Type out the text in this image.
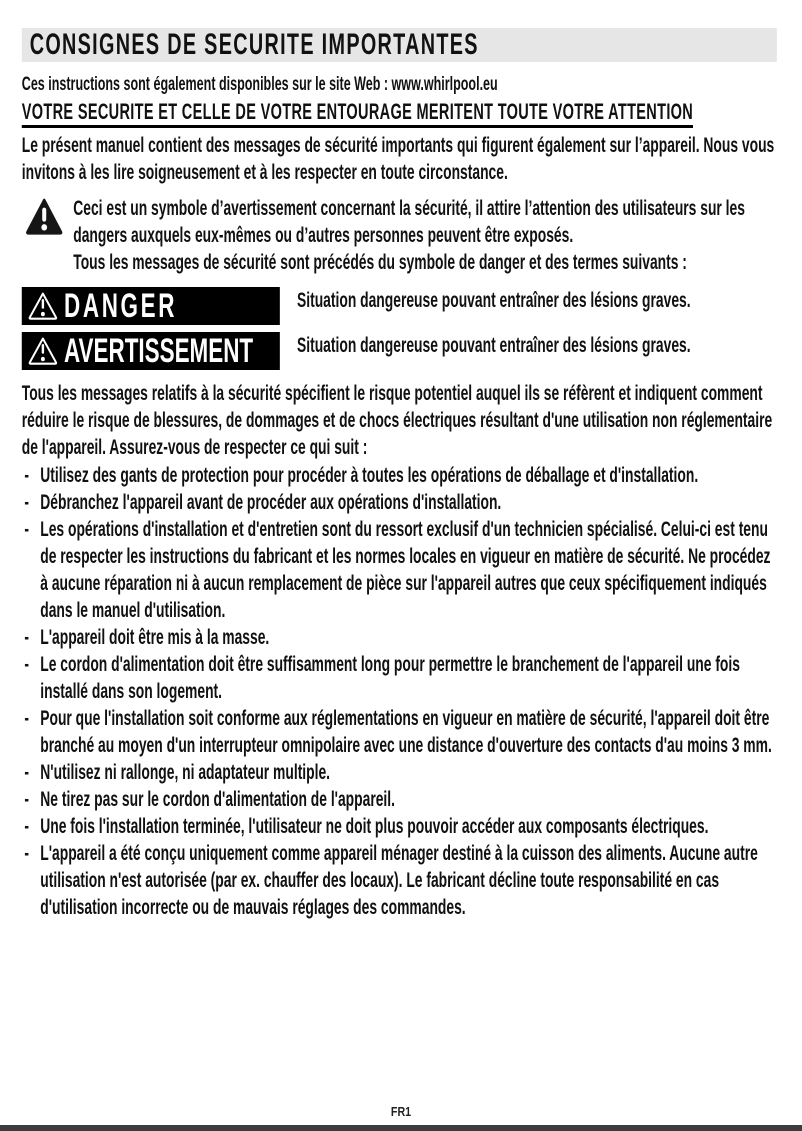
CONSIGNES DE SECURITE IMPORTANTES
Ces instructions sont également disponibles sur le site Web : www.whirlpool.eu
VOTRE SECURITE ET CELLE DE VOTRE ENTOURAGE MERITENT TOUTE VOTRE ATTENTION

Le présent manuel contient des messages de sécurité importants qui figurent également sur l’appareil. Nous vous invitons à les lire soigneusement et à les respecter en toute circonstance.

Ceci est un symbole d’avertissement concernant la sécurité, il attire l’attention des utilisateurs sur les dangers auxquels eux-mêmes ou d’autres personnes peuvent être exposés.

Tous les messages de sécurité sont précédés du symbole de danger et des termes suivants :

DANGER	Situation dangereuse pouvant entraîner des lésions graves.
AVERTISSEMENT Situation dangereuse pouvant entraîner des lésions graves.

Tous les messages relatifs à la sécurité spécifient le risque potentiel auquel ils se réfèrent et indiquent comment réduire le risque de blessures, de dommages et de chocs électriques résultant d'une utilisation non réglementaire de l'appareil. Assurez-vous de respecter ce qui suit :

- Utilisez des gants de protection pour procéder à toutes les opérations de déballage et d'installation.
- Débranchez l'appareil avant de procéder aux opérations d'installation.
- Les opérations d'installation et d'entretien sont du ressort exclusif d'un technicien spécialisé. Celui-ci est tenu de respecter les instructions du fabricant et les normes locales en vigueur en matière de sécurité. Ne procédez à aucune réparation ni à aucun remplacement de pièce sur l'appareil autres que ceux spécifiquement indiqués dans le manuel d'utilisation.
- L'appareil doit être mis à la masse.
- Le cordon d'alimentation doit être suffisamment long pour permettre le branchement de l'appareil une fois installé dans son logement.
- Pour que l'installation soit conforme aux réglementations en vigueur en matière de sécurité, l'appareil doit être branché au moyen d'un interrupteur omnipolaire avec une distance d'ouverture des contacts d'au moins 3 mm.
- N'utilisez ni rallonge, ni adaptateur multiple.
- Ne tirez pas sur le cordon d'alimentation de l'appareil.
- Une fois l'installation terminée, l'utilisateur ne doit plus pouvoir accéder aux composants électriques.
- L'appareil a été conçu uniquement comme appareil ménager destiné à la cuisson des aliments. Aucune autre utilisation n'est autorisée (par ex. chauffer des locaux). Le fabricant décline toute responsabilité en cas d'utilisation incorrecte ou de mauvais réglages des commandes.
FR1
